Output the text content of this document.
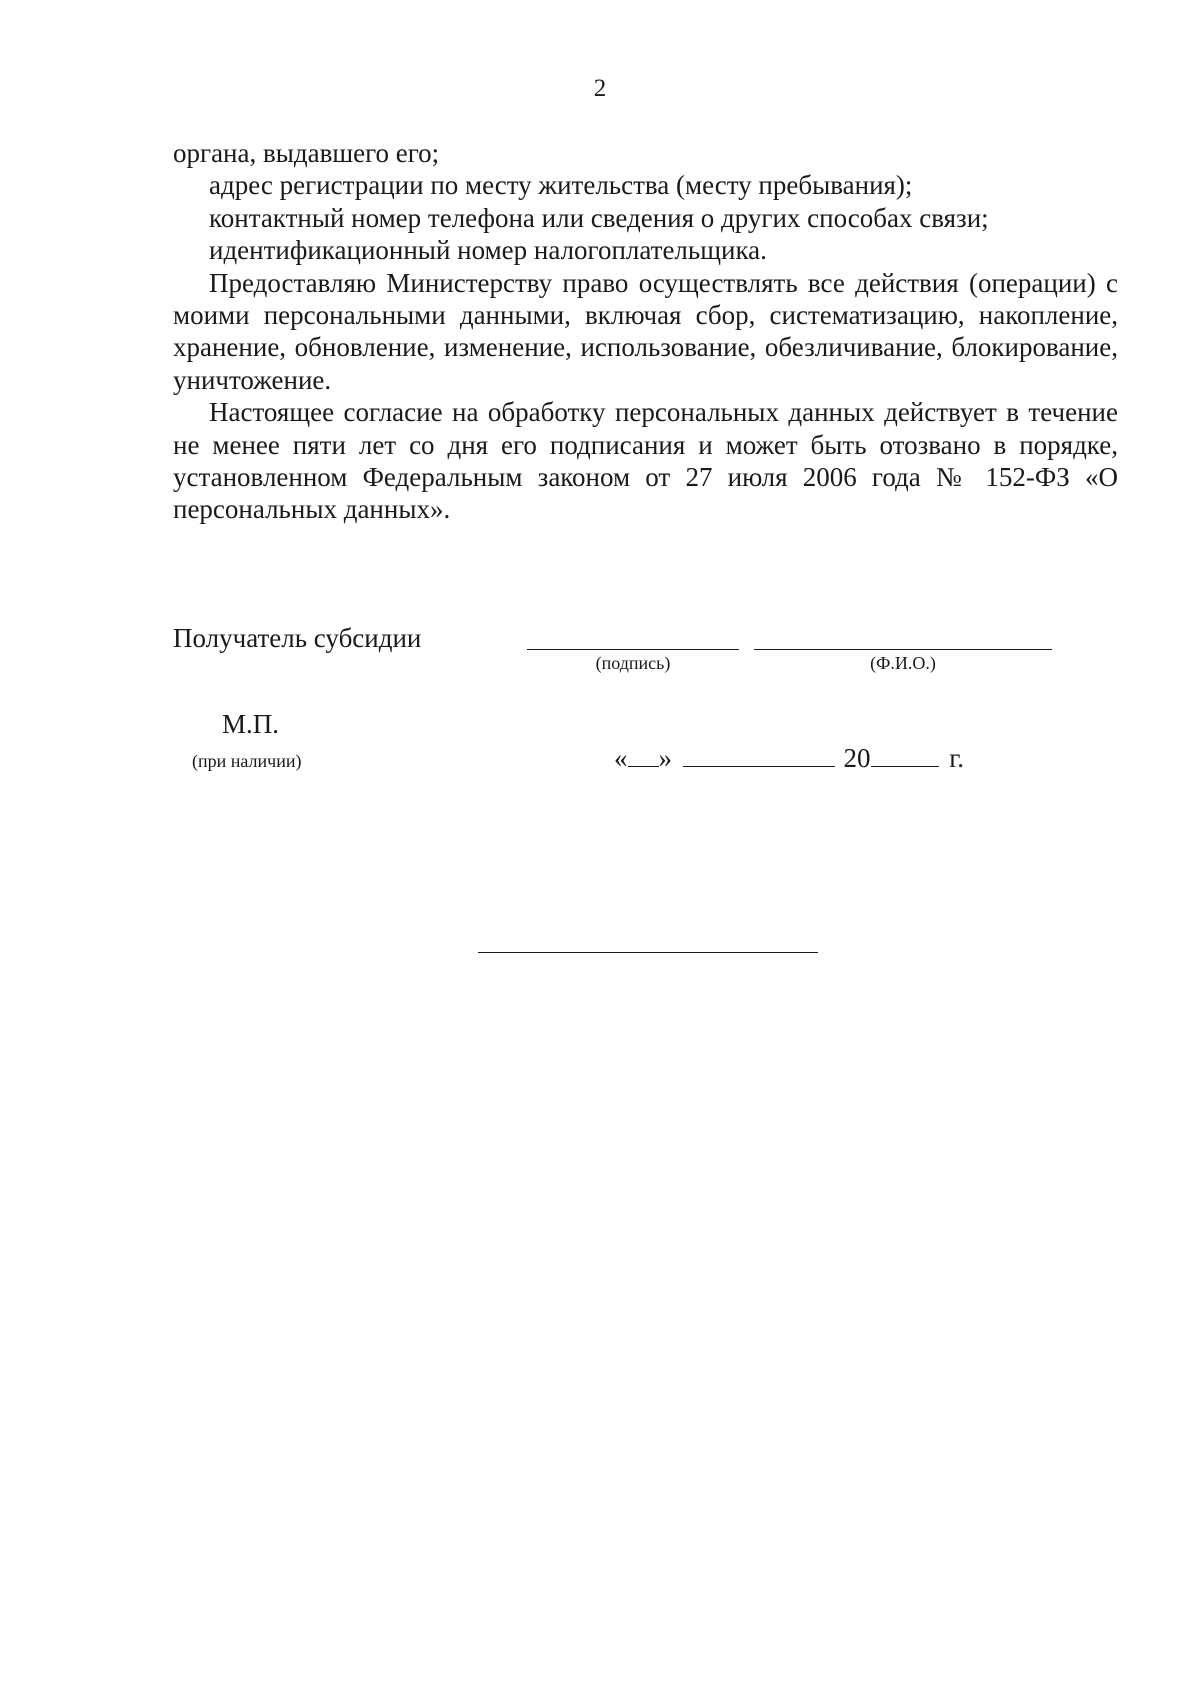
2

органа, выдавшего его;

адрес регистрации по месту жительства (месту пребывания);

контактный номер телефона или сведения о других способах связи;

идентификационный номер налогоплательщика.

Предоставляю Министерству право осуществлять все действия (операции) с моими персональными данными, включая сбор, систематизацию, накопление, хранение, обновление, изменение, использование, обезличивание, блокирование, уничтожение.

Настоящее согласие на обработку персональных данных действует в течение не менее пяти лет со дня его подписания и может быть отозвано в порядке, установленном Федеральным законом от 27 июля 2006 года № 152-ФЗ «О персональных данных».

Получатель субсидии
(подпись)	(Ф.И.О.)
М.П.
(при наличии)	« »	20	г.
